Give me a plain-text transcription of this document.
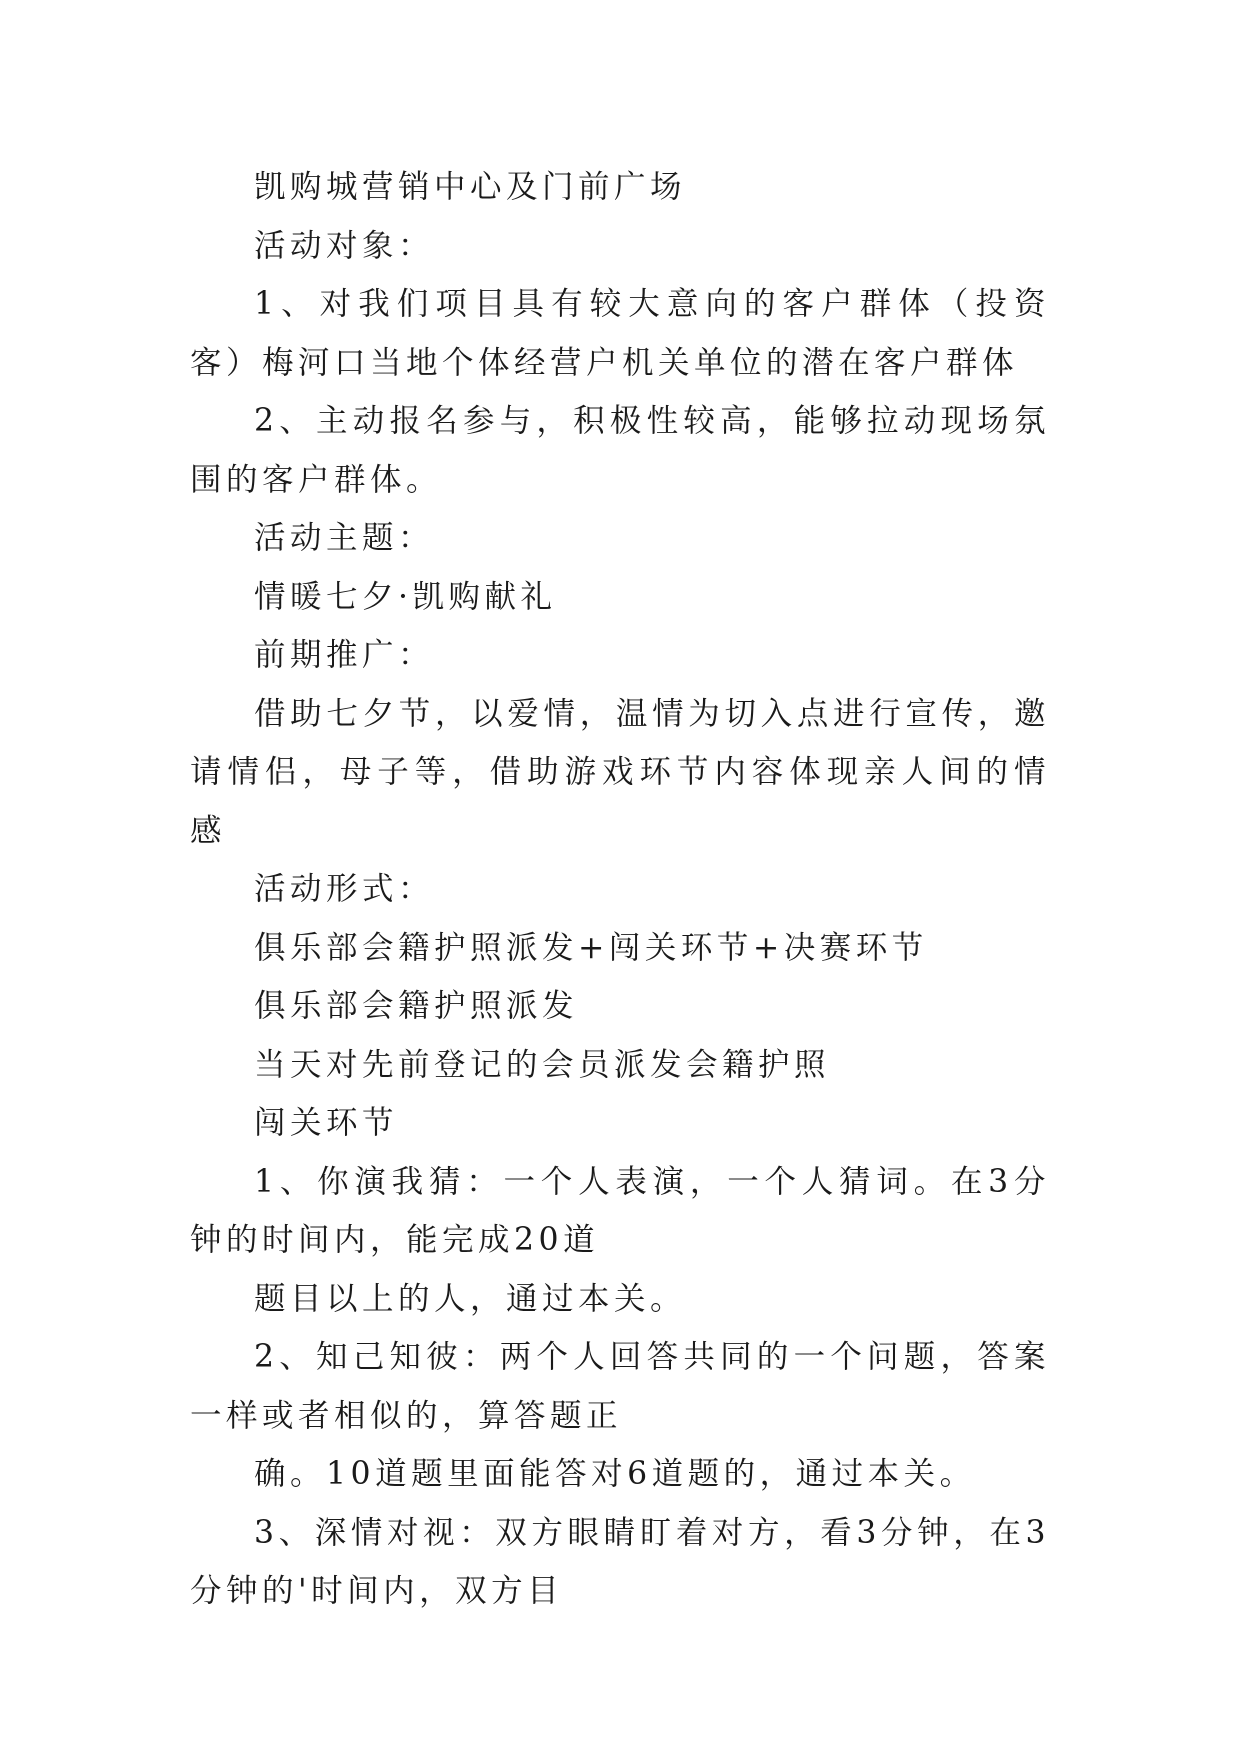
凯购城营销中心及门前广场

活动对象：

1、对我们项目具有较大意向的客户群体（投资客）梅河口当地个体经营户机关单位的潜在客户群体

2、主动报名参与，积极性较高，能够拉动现场氛围的客户群体。

活动主题：

情暖七夕·凯购献礼

前期推广：

借助七夕节，以爱情，温情为切入点进行宣传，邀请情侣，母子等，借助游戏环节内容体现亲人间的情感

活动形式：

俱乐部会籍护照派发+闯关环节+决赛环节

俱乐部会籍护照派发

当天对先前登记的会员派发会籍护照

闯关环节

1、你演我猜：一个人表演，一个人猜词。在3分钟的时间内，能完成20道

题目以上的人，通过本关。

2、知己知彼：两个人回答共同的一个问题，答案一样或者相似的，算答题正

确。10道题里面能答对6道题的，通过本关。

3、深情对视：双方眼睛盯着对方，看3分钟，在3分钟的'时间内，双方目
